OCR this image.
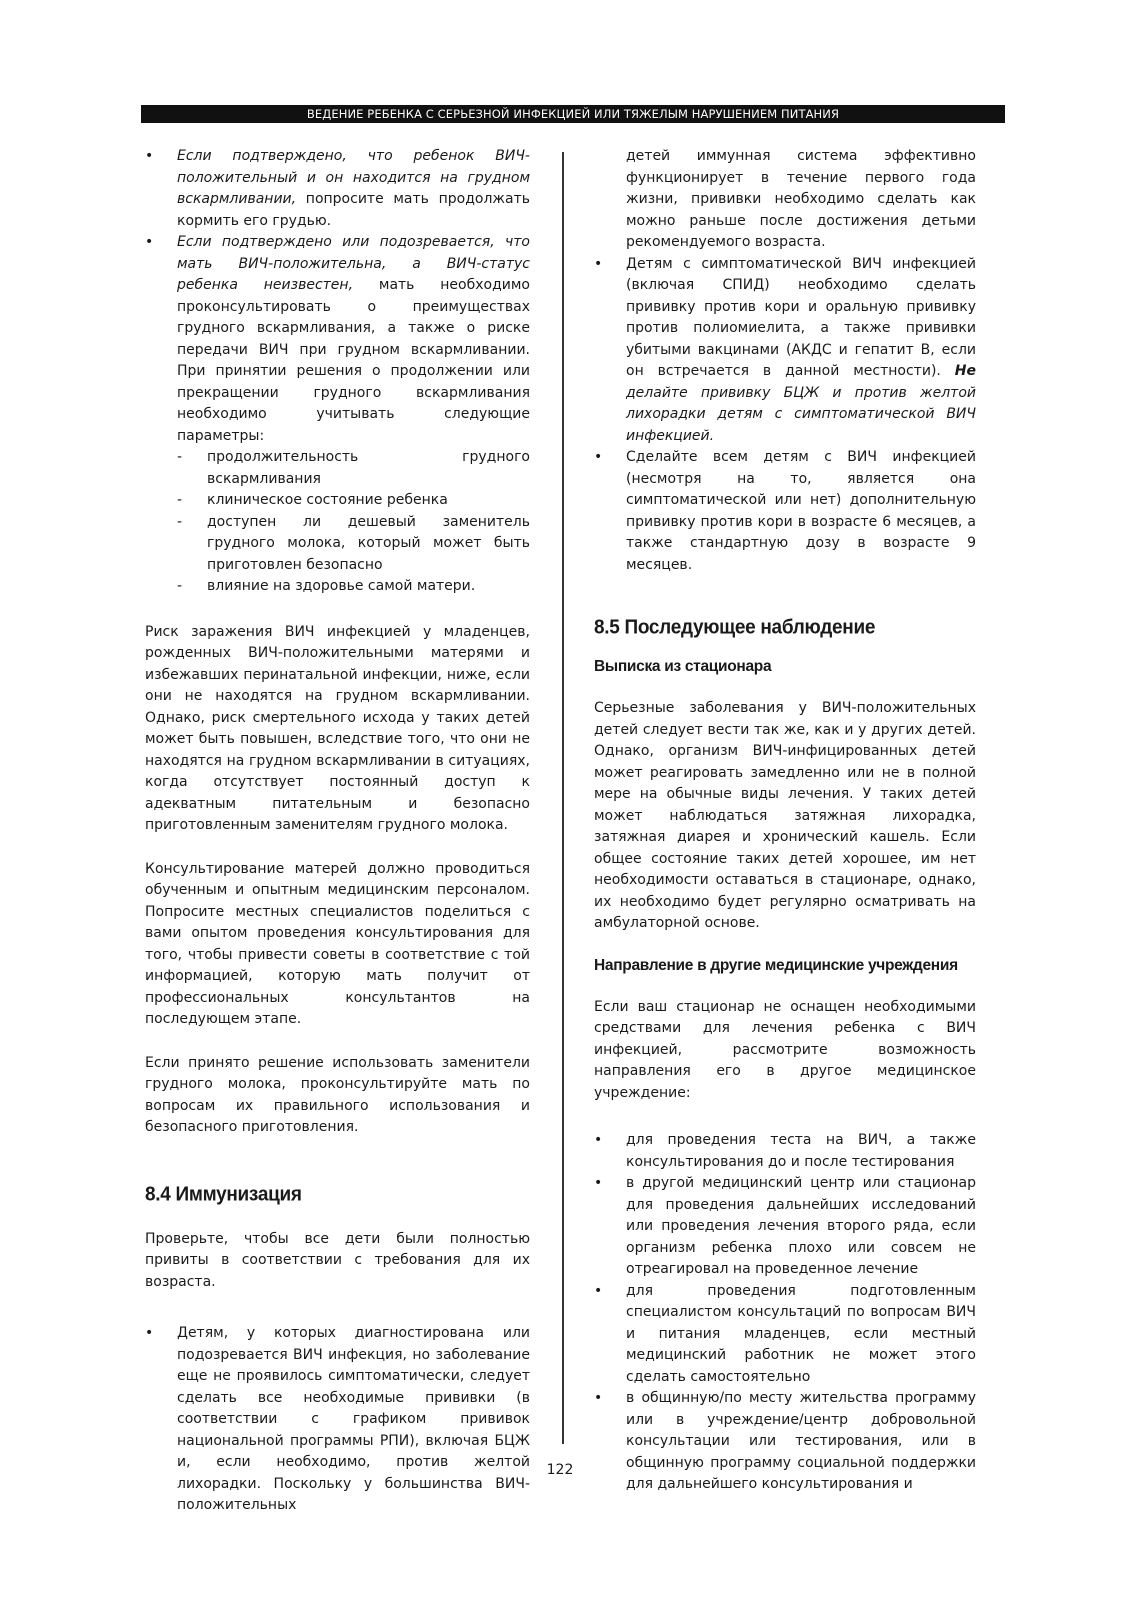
ВЕДЕНИЕ РЕБЕНКА С СЕРЬЕЗНОЙ ИНФЕКЦИЕЙ ИЛИ ТЯЖЕЛЫМ НАРУШЕНИЕМ ПИТАНИЯ
• Если подтверждено, что ребенок ВИЧ-положительный и он находится на грудном вскармливании, попросите мать продолжать кормить его грудью.
• Если подтверждено или подозревается, что мать ВИЧ-положительна, а ВИЧ-статус ребенка неизвестен, мать необходимо проконсультировать о преимуществах грудного вскармливания, а также о риске передачи ВИЧ при грудном вскармливании. При принятии решения о продолжении или прекращении грудного вскармливания необходимо учитывать следующие параметры:
- продолжительность грудного вскармливания
- клиническое состояние ребенка
- доступен ли дешевый заменитель грудного молока, который может быть приготовлен безопасно
- влияние на здоровье самой матери.

Риск заражения ВИЧ инфекцией у младенцев, рожденных ВИЧ-положительными матерями и избежавших перинатальной инфекции, ниже, если они не находятся на грудном вскармливании. Однако, риск смертельного исхода у таких детей может быть повышен, вследствие того, что они не находятся на грудном вскармливании в ситуациях, когда отсутствует постоянный доступ к адекватным питательным и безопасно приготовленным заменителям грудного молока.

Консультирование матерей должно проводиться обученным и опытным медицинским персоналом. Попросите местных специалистов поделиться с вами опытом проведения консультирования для того, чтобы привести советы в соответствие с той информацией, которую мать получит от профессиональных консультантов на последующем этапе.

Если принято решение использовать заменители грудного молока, проконсультируйте мать по вопросам их правильного использования и безопасного приготовления.

8.4 Иммунизация

Проверьте, чтобы все дети были полностью привиты в соответствии с требования для их возраста.

• Детям, у которых диагностирована или подозревается ВИЧ инфекция, но заболевание еще не проявилось симптоматически, следует сделать все необходимые прививки (в соответствии с графиком прививок национальной программы РПИ), включая БЦЖ и, если необходимо, против желтой лихорадки. Поскольку у большинства ВИЧ-положительных

детей иммунная система эффективно функционирует в течение первого года жизни, прививки необходимо сделать как можно раньше после достижения детьми рекомендуемого возраста.

• Детям с симптоматической ВИЧ инфекцией (включая СПИД) необходимо сделать прививку против кори и оральную прививку против полиомиелита, а также прививки убитыми вакцинами (АКДС и гепатит В, если он встречается в данной местности). Не делайте прививку БЦЖ и против желтой лихорадки детям с симптоматической ВИЧ инфекцией.
• Сделайте всем детям с ВИЧ инфекцией (несмотря на то, является она симптоматической или нет) дополнительную прививку против кори в возрасте 6 месяцев, а также стандартную дозу в возрасте 9 месяцев.
8.5 Последующее наблюдение
Выписка из стационара

Серьезные заболевания у ВИЧ-положительных детей следует вести так же, как и у других детей. Однако, организм ВИЧ-инфицированных детей может реагировать замедленно или не в полной мере на обычные виды лечения. У таких детей может наблюдаться затяжная лихорадка, затяжная диарея и хронический кашель. Если общее состояние таких детей хорошее, им нет необходимости оставаться в стационаре, однако, их необходимо будет регулярно осматривать на амбулаторной основе.

Направление в другие медицинские учреждения

Если ваш стационар не оснащен необходимыми средствами для лечения ребенка с ВИЧ инфекцией, рассмотрите возможность направления его в другое медицинское учреждение:

• для проведения теста на ВИЧ, а также консультирования до и после тестирования
• в другой медицинский центр или стационар для проведения дальнейших исследований или проведения лечения второго ряда, если организм ребенка плохо или совсем не отреагировал на проведенное лечение
• для проведения подготовленным специалистом консультаций по вопросам ВИЧ и питания младенцев, если местный медицинский работник не может этого сделать самостоятельно
• в общинную/по месту жительства программу или в учреждение/центр добровольной консультации или тестирования, или в общинную программу социальной поддержки для дальнейшего консультирования и
122
